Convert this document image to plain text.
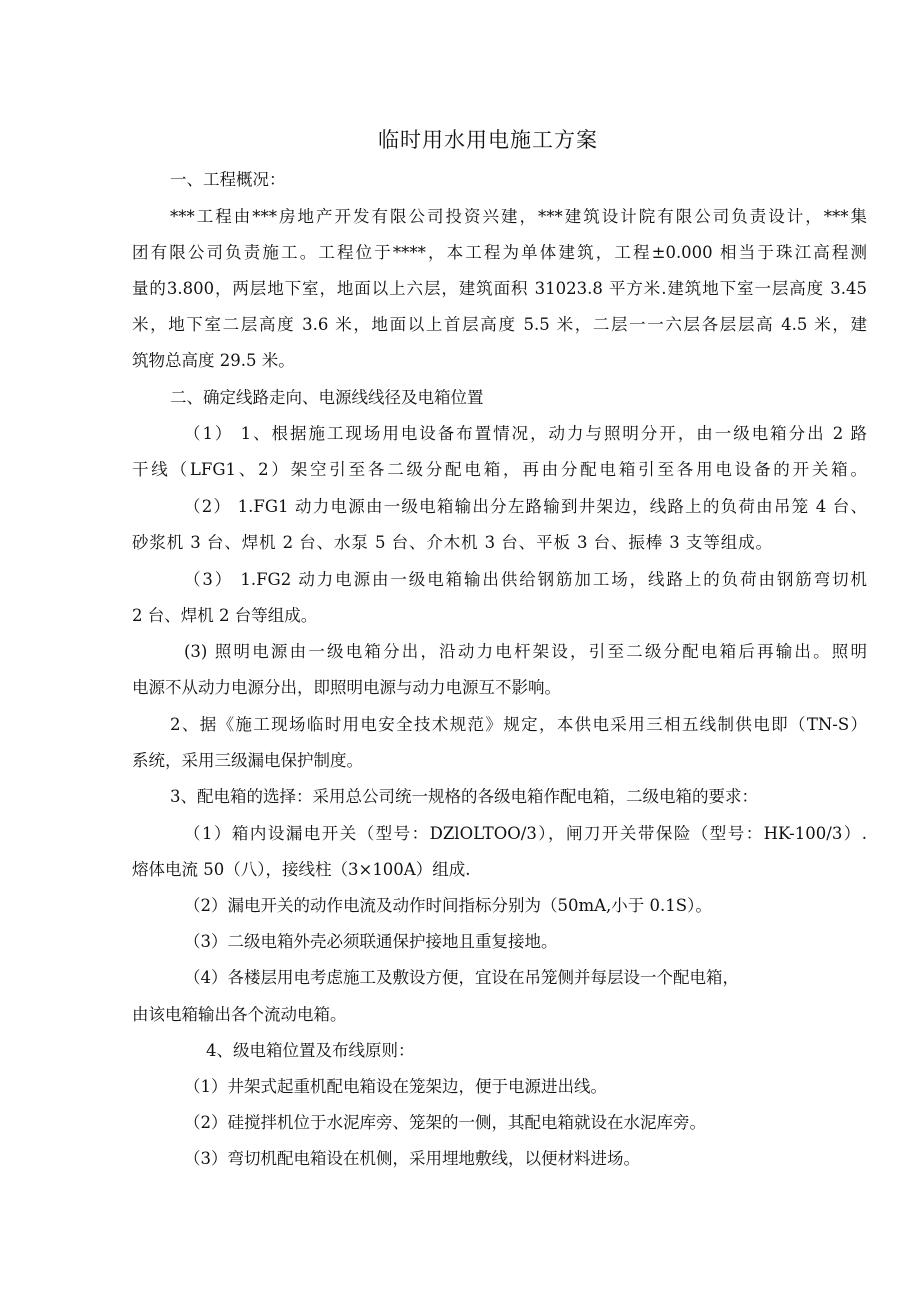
临时用水用电施工方案
一、工程概况：
***工程由***房地产开发有限公司投资兴建，***建筑设计院有限公司负责设计，***集
团有限公司负责施工。工程位于****，本工程为单体建筑，工程±0.000 相当于珠江高程测
量的3.800，两层地下室，地面以上六层，建筑面积 31023.8 平方米.建筑地下室一层高度 3.45
米，地下室二层高度 3.6 米，地面以上首层高度 5.5 米，二层一一六层各层层高 4.5 米，建
筑物总高度 29.5 米。
二、确定线路走向、电源线线径及电箱位置
（1） 1、根据施工现场用电设备布置情况，动力与照明分开，由一级电箱分出 2 路
干线（LFG1、2）架空引至各二级分配电箱，再由分配电箱引至各用电设备的开关箱。
（2） 1.FG1 动力电源由一级电箱输出分左路输到井架边，线路上的负荷由吊笼 4 台、
砂浆机 3 台、焊机 2 台、水泵 5 台、介木机 3 台、平板 3 台、振棒 3 支等组成。
（3） 1.FG2 动力电源由一级电箱输出供给钢筋加工场，线路上的负荷由钢筋弯切机
2 台、焊机 2 台等组成。
(3) 照明电源由一级电箱分出，沿动力电杆架设，引至二级分配电箱后再输出。照明
电源不从动力电源分出，即照明电源与动力电源互不影响。
2、据《施工现场临时用电安全技术规范》规定，本供电采用三相五线制供电即（TN-S）
系统，采用三级漏电保护制度。
3、配电箱的选择：采用总公司统一规格的各级电箱作配电箱，二级电箱的要求：
（1）箱内设漏电开关（型号：DZlOLTOO/3），闸刀开关带保险（型号：HK-100/3）.
熔体电流 50（八），接线柱（3×100A）组成.
（2）漏电开关的动作电流及动作时间指标分别为（50mA,小于 0.1S）。
（3）二级电箱外壳必须联通保护接地且重复接地。
（4）各楼层用电考虑施工及敷设方便，宜设在吊笼侧并每层设一个配电箱，
由该电箱输出各个流动电箱。
4、级电箱位置及布线原则：
（1）井架式起重机配电箱设在笼架边，便于电源进出线。
（2）硅搅拌机位于水泥库旁、笼架的一侧，其配电箱就设在水泥库旁。
（3）弯切机配电箱设在机侧，采用埋地敷线，以便材料进场。
